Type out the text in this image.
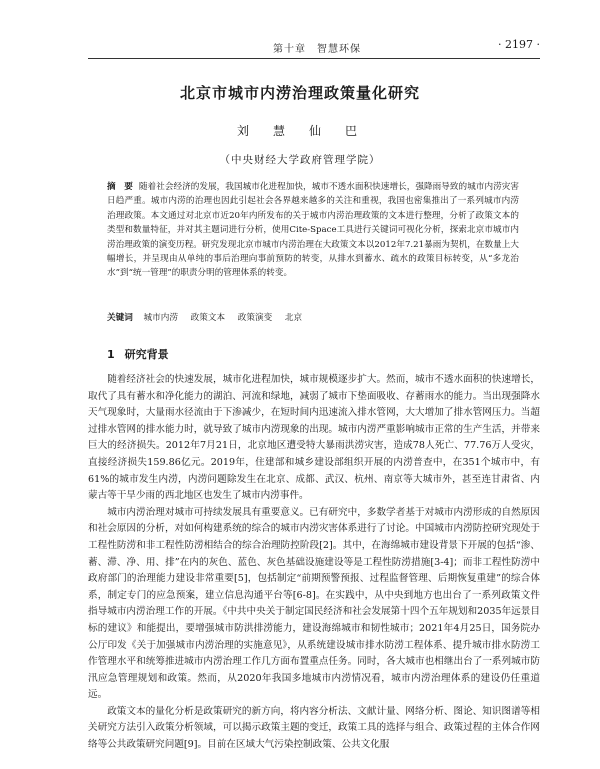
第十章　智慧环保	· 2197 ·
北京市城市内涝治理政策量化研究
刘　慧　仙　巴
（中央财经大学政府管理学院）
摘　要 随着社会经济的发展，我国城市化进程加快，城市不透水面积快速增长，强降雨导致的城市内涝灾害日趋严重。城市内涝的治理也因此引起社会各界越来越多的关注和重视，我国也密集推出了一系列城市内涝治理政策。本文通过对北京市近20年内所发布的关于城市内涝治理政策的文本进行整理，分析了政策文本的类型和数量特征，并对其主题词进行分析，使用Cite-Space工具进行关键词可视化分析，探索北京市城市内涝治理政策的演变历程。研究发现北京市城市内涝治理在大政策文本以2012年7.21暴雨为契机，在数量上大幅增长，并呈现由从单纯的事后治理向事前预防的转变，从排水到蓄水、疏水的政策目标转变，从“多龙治水”到“统一管理”的职责分明的管理体系的转变。
关键词 城市内涝 政策文本 政策演变 北京
1 研究背景

随着经济社会的快速发展，城市化进程加快，城市规模逐步扩大。然而，城市不透水面积的快速增长，取代了具有蓄水和净化能力的湖泊、河流和绿地，减弱了城市下垫面吸收、存蓄雨水的能力。当出现强降水天气现象时，大量雨水径流由于下渗减少，在短时间内迅速流入排水管网，大大增加了排水管网压力。当超过排水管网的排水能力时，就导致了城市内涝现象的出现。城市内涝严重影响城市正常的生产生活，并带来巨大的经济损失。2012年7月21日，北京地区遭受特大暴雨洪涝灾害，造成78人死亡、77.76万人受灾，直接经济损失159.86亿元。2019年，住建部和城乡建设部组织开展的内涝普查中，在351个城市中，有61%的城市发生内涝，内涝问题除发生在北京、成都、武汉、杭州、南京等大城市外，甚至连甘肃省、内蒙古等干旱少雨的西北地区也发生了城市内涝事件。

城市内涝治理对城市可持续发展具有重要意义。已有研究中，多数学者基于对城市内涝形成的自然原因和社会原因的分析，对如何构建系统的综合的城市内涝灾害体系进行了讨论。中国城市内涝防控研究现处于工程性防涝和非工程性防涝相结合的综合治理防控阶段[2]。其中，在海绵城市建设背景下开展的包括“渗、蓄、滞、净、用、排”在内的灰色、蓝色、灰色基础设施建设等是工程性防涝措施[3-4]；而非工程性防涝中政府部门的治理能力建设非常重要[5]，包括制定“前期预警预报、过程监督管理、后期恢复重建”的综合体系，制定专门的应急预案，建立信息沟通平台等[6-8]。在实践中，从中央到地方也出台了一系列政策文件指导城市内涝治理工作的开展。《中共中央关于制定国民经济和社会发展第十四个五年规划和2035年远景目标的建议》和能提出，要增强城市防洪排涝能力，建设海绵城市和韧性城市；2021年4月25日，国务院办公厅印发《关于加强城市内涝治理的实施意见》，从系统建设城市排水防涝工程体系、提升城市排水防涝工作管理水平和统筹推进城市内涝治理工作几方面布置重点任务。同时，各大城市也相继出台了一系列城市防汛应急管理规划和政策。然而，从2020年我国多地城市内涝情况看，城市内涝治理体系的建设仍任重道远。

政策文本的量化分析是政策研究的新方向，将内容分析法、文献计量、网络分析、图论、知识图谱等相关研究方法引入政策分析领域，可以揭示政策主题的变迁，政策工具的选择与组合、政策过程的主体合作网络等公共政策研究问题[9]。目前在区域大气污染控制政策、公共文化服
